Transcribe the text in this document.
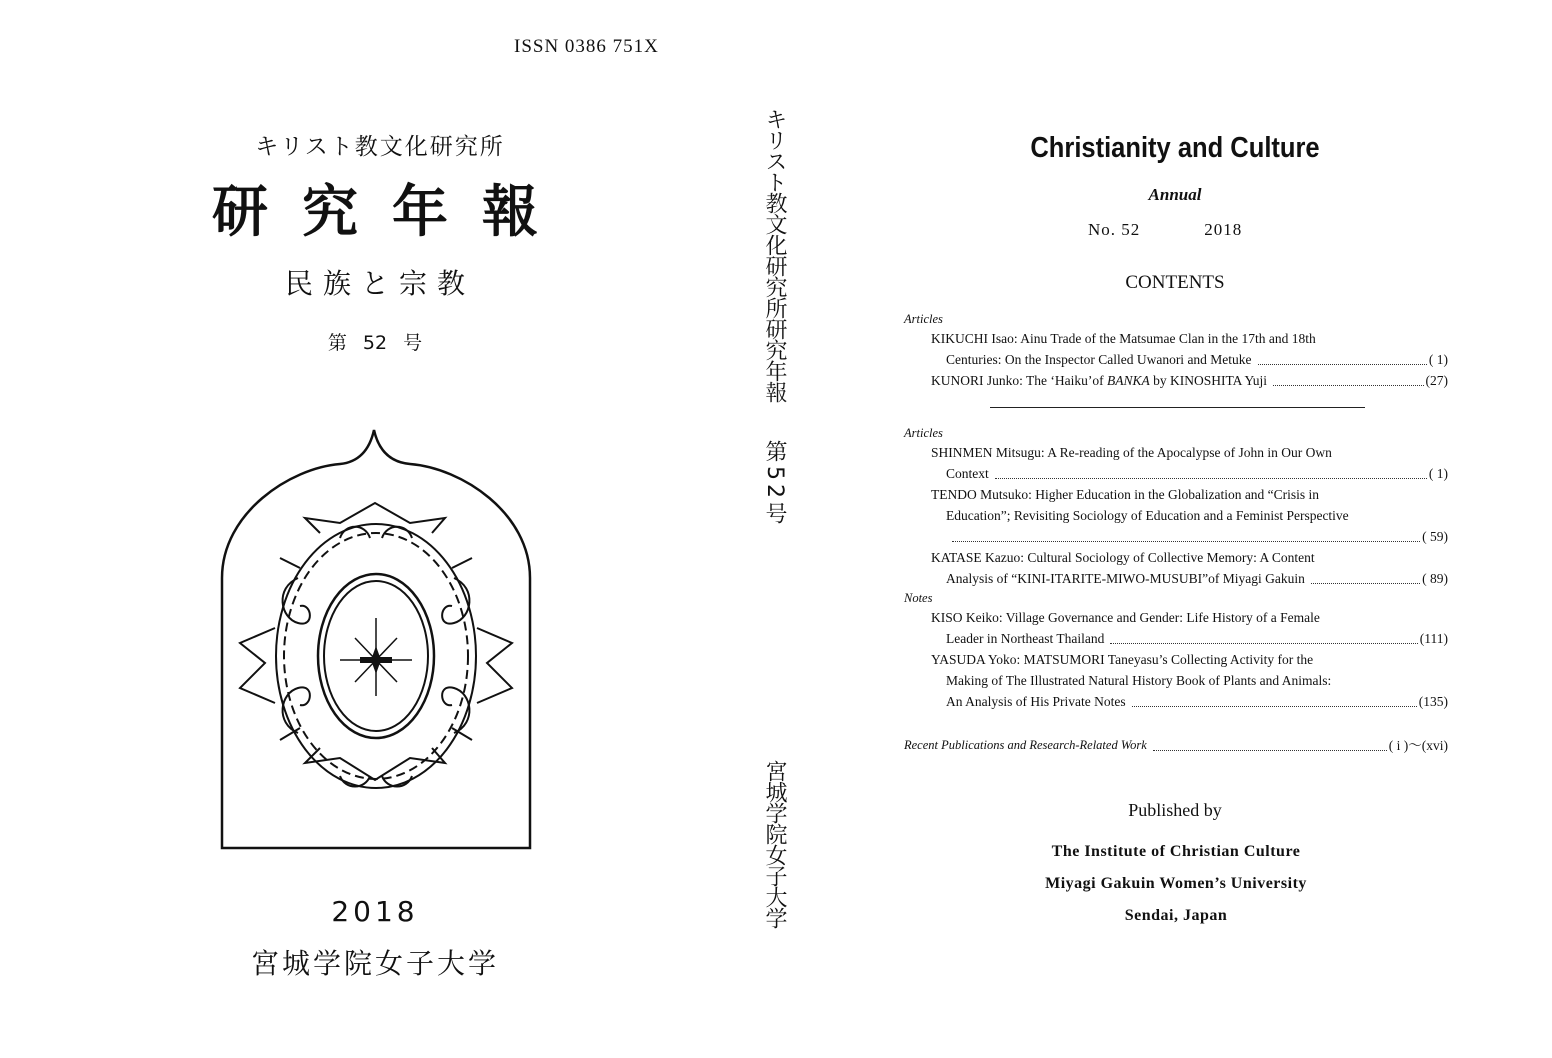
ISSN 0386 751X
キリスト教文化研究所
研究年報
民族と宗教
第 52 号
2018
宮城学院女子大学
キリスト教文化研究所研究年報
第52号
宮城学院女子大学
Christianity and Culture
Annual
No. 52	2018
CONTENTS
Articles
KIKUCHI Isao: Ainu Trade of the Matsumae Clan in the 17th and 18th
Centuries: On the Inspector Called Uwanori and Metuke	( 1)
KUNORI Junko: The ‘Haiku’of BANKA by KINOSHITA Yuji	(27)
Articles
SHINMEN Mitsugu: A Re-reading of the Apocalypse of John in Our Own
Context	( 1)
TENDO Mutsuko: Higher Education in the Globalization and “Crisis in
Education”; Revisiting Sociology of Education and a Feminist Perspective
( 59)
KATASE Kazuo: Cultural Sociology of Collective Memory: A Content
Analysis of “KINI-ITARITE-MIWO-MUSUBI”of Miyagi Gakuin	( 89)
Notes
KISO Keiko: Village Governance and Gender: Life History of a Female
Leader in Northeast Thailand	(111)
YASUDA Yoko: MATSUMORI Taneyasu’s Collecting Activity for the
Making of The Illustrated Natural History Book of Plants and Animals:
An Analysis of His Private Notes	(135)
Recent Publications and Research-Related Work	( i )～(xvi)
Published by
The Institute of Christian Culture
Miyagi Gakuin Women’s University
Sendai, Japan
